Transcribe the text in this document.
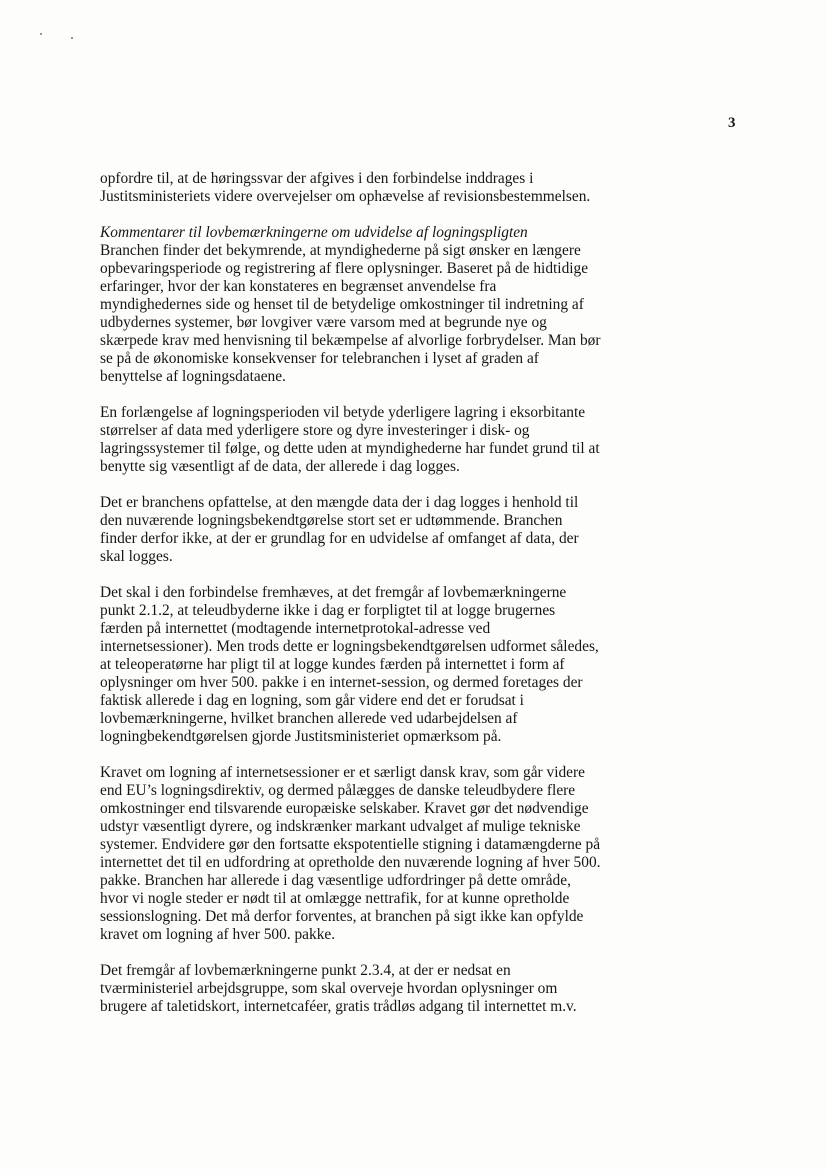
3

opfordre til, at de høringssvar der afgives i den forbindelse inddrages i
Justitsministeriets videre overvejelser om ophævelse af revisionsbestemmelsen.

Kommentarer til lovbemærkningerne om udvidelse af logningspligten
Branchen finder det bekymrende, at myndighederne på sigt ønsker en længere
opbevaringsperiode og registrering af flere oplysninger. Baseret på de hidtidige
erfaringer, hvor der kan konstateres en begrænset anvendelse fra
myndighedernes side og henset til de betydelige omkostninger til indretning af
udbydernes systemer, bør lovgiver være varsom med at begrunde nye og
skærpede krav med henvisning til bekæmpelse af alvorlige forbrydelser. Man bør
se på de økonomiske konsekvenser for telebranchen i lyset af graden af
benyttelse af logningsdataene.

En forlængelse af logningsperioden vil betyde yderligere lagring i eksorbitante
størrelser af data med yderligere store og dyre investeringer i disk- og
lagringssystemer til følge, og dette uden at myndighederne har fundet grund til at
benytte sig væsentligt af de data, der allerede i dag logges.

Det er branchens opfattelse, at den mængde data der i dag logges i henhold til
den nuværende logningsbekendtgørelse stort set er udtømmende. Branchen
finder derfor ikke, at der er grundlag for en udvidelse af omfanget af data, der
skal logges.

Det skal i den forbindelse fremhæves, at det fremgår af lovbemærkningerne
punkt 2.1.2, at teleudbyderne ikke i dag er forpligtet til at logge brugernes
færden på internettet (modtagende internetprotokal-adresse ved
internetsessioner). Men trods dette er logningsbekendtgørelsen udformet således,
at teleoperatørne har pligt til at logge kundes færden på internettet i form af
oplysninger om hver 500. pakke i en internet-session, og dermed foretages der
faktisk allerede i dag en logning, som går videre end det er forudsat i
lovbemærkningerne, hvilket branchen allerede ved udarbejdelsen af
logningbekendtgørelsen gjorde Justitsministeriet opmærksom på.

Kravet om logning af internetsessioner er et særligt dansk krav, som går videre
end EU’s logningsdirektiv, og dermed pålægges de danske teleudbydere flere
omkostninger end tilsvarende europæiske selskaber. Kravet gør det nødvendige
udstyr væsentligt dyrere, og indskrænker markant udvalget af mulige tekniske
systemer. Endvidere gør den fortsatte ekspotentielle stigning i datamængderne på
internettet det til en udfordring at opretholde den nuværende logning af hver 500.
pakke. Branchen har allerede i dag væsentlige udfordringer på dette område,
hvor vi nogle steder er nødt til at omlægge nettrafik, for at kunne opretholde
sessionslogning. Det må derfor forventes, at branchen på sigt ikke kan opfylde
kravet om logning af hver 500. pakke.

Det fremgår af lovbemærkningerne punkt 2.3.4, at der er nedsat en
tværministeriel arbejdsgruppe, som skal overveje hvordan oplysninger om
brugere af taletidskort, internetcaféer, gratis trådløs adgang til internettet m.v.
